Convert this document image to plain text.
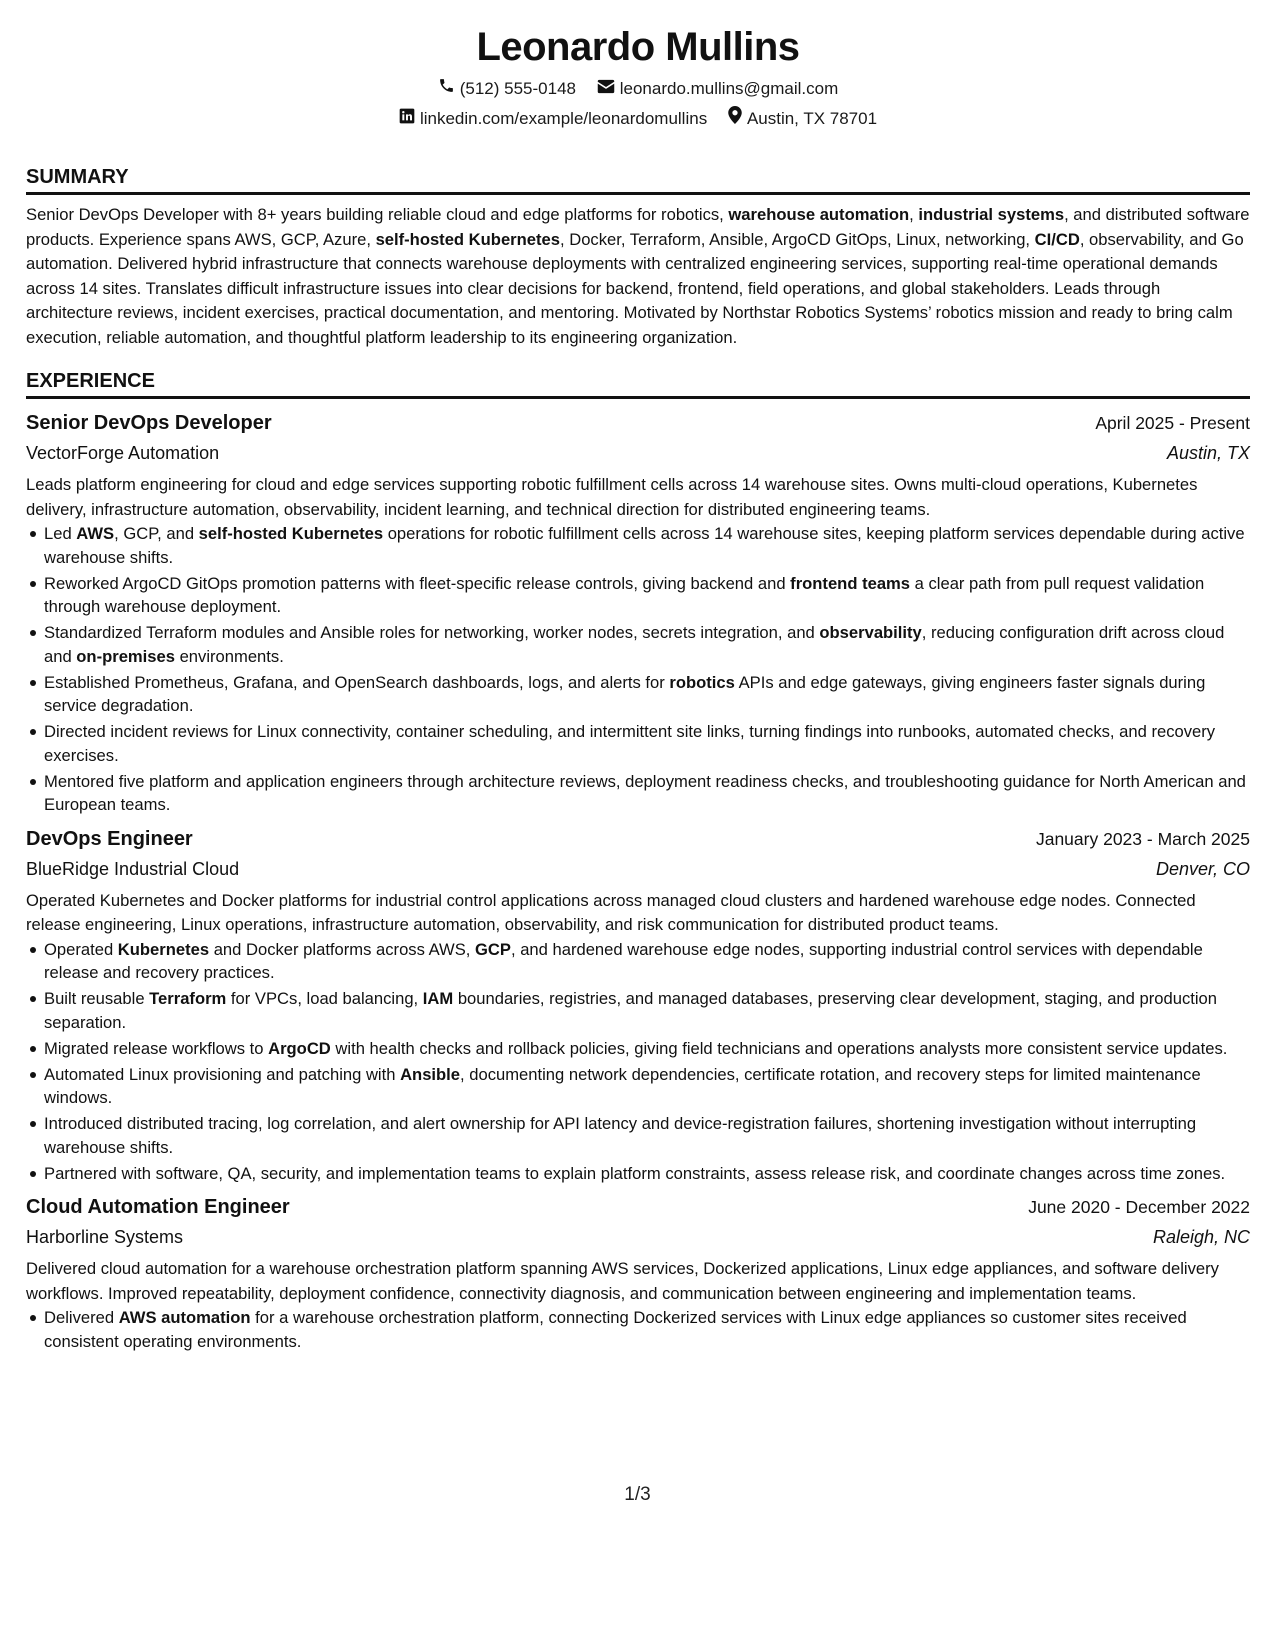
Leonardo Mullins
(512) 555-0148
	leonardo.mullins@gmail.com
linkedin.com/example/leonardomullins
Austin, TX 78701
SUMMARY
Senior DevOps Developer with 8+ years building reliable cloud and edge platforms for robotics, warehouse automation, industrial systems, and distributed software products. Experience spans AWS, GCP, Azure, self-hosted Kubernetes, Docker, Terraform, Ansible, ArgoCD GitOps, Linux, networking, CI/CD, observability, and Go automation. Delivered hybrid infrastructure that connects warehouse deployments with centralized engineering services, supporting real-time operational demands across 14 sites. Translates difficult infrastructure issues into clear decisions for backend, frontend, field operations, and global stakeholders. Leads through architecture reviews, incident exercises, practical documentation, and mentoring. Motivated by Northstar Robotics Systems’ robotics mission and ready to bring calm execution, reliable automation, and thoughtful platform leadership to its engineering organization.
EXPERIENCE
Senior DevOps Developer	April 2025 - Present
VectorForge Automation	Austin, TX
Leads platform engineering for cloud and edge services supporting robotic fulfillment cells across 14 warehouse sites. Owns multi-cloud operations, Kubernetes delivery, infrastructure automation, observability, incident learning, and technical direction for distributed engineering teams.
Led AWS, GCP, and self-hosted Kubernetes operations for robotic fulfillment cells across 14 warehouse sites, keeping platform services dependable during active warehouse shifts.
Reworked ArgoCD GitOps promotion patterns with fleet-specific release controls, giving backend and frontend teams a clear path from pull request validation through warehouse deployment.
Standardized Terraform modules and Ansible roles for networking, worker nodes, secrets integration, and observability, reducing configuration drift across cloud and on-premises environments.
Established Prometheus, Grafana, and OpenSearch dashboards, logs, and alerts for robotics APIs and edge gateways, giving engineers faster signals during service degradation.
Directed incident reviews for Linux connectivity, container scheduling, and intermittent site links, turning findings into runbooks, automated checks, and recovery exercises.
Mentored five platform and application engineers through architecture reviews, deployment readiness checks, and troubleshooting guidance for North American and European teams.
DevOps Engineer	January 2023 - March 2025
BlueRidge Industrial Cloud	Denver, CO
Operated Kubernetes and Docker platforms for industrial control applications across managed cloud clusters and hardened warehouse edge nodes. Connected release engineering, Linux operations, infrastructure automation, observability, and risk communication for distributed product teams.
Operated Kubernetes and Docker platforms across AWS, GCP, and hardened warehouse edge nodes, supporting industrial control services with dependable release and recovery practices.
Built reusable Terraform for VPCs, load balancing, IAM boundaries, registries, and managed databases, preserving clear development, staging, and production separation.
Migrated release workflows to ArgoCD with health checks and rollback policies, giving field technicians and operations analysts more consistent service updates.
Automated Linux provisioning and patching with Ansible, documenting network dependencies, certificate rotation, and recovery steps for limited maintenance windows.
Introduced distributed tracing, log correlation, and alert ownership for API latency and device-registration failures, shortening investigation without interrupting warehouse shifts.
Partnered with software, QA, security, and implementation teams to explain platform constraints, assess release risk, and coordinate changes across time zones.
Cloud Automation Engineer	June 2020 - December 2022
Harborline Systems	Raleigh, NC
Delivered cloud automation for a warehouse orchestration platform spanning AWS services, Dockerized applications, Linux edge appliances, and software delivery workflows. Improved repeatability, deployment confidence, connectivity diagnosis, and communication between engineering and implementation teams.
Delivered AWS automation for a warehouse orchestration platform, connecting Dockerized services with Linux edge appliances so customer sites received consistent operating environments.
1/3
